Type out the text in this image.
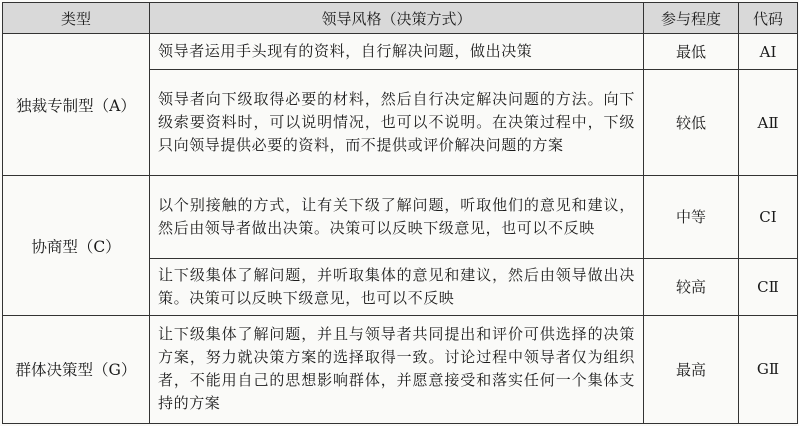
类型	领导风格（决策方式）	参与程度	代码
独裁专制型（A）	领导者运用手头现有的资料，自行解决问题，做出决策	最低	AⅠ
	领导者向下级取得必要的材料，然后自行决定解决问题的方法。向下级索要资料时，可以说明情况，也可以不说明。在决策过程中，下级只向领导提供必要的资料，而不提供或评价解决问题的方案	较低	AⅡ
协商型（C）	以个别接触的方式，让有关下级了解问题，听取他们的意见和建议，然后由领导者做出决策。决策可以反映下级意见，也可以不反映	中等	CⅠ
	让下级集体了解问题，并听取集体的意见和建议，然后由领导做出决策。决策可以反映下级意见，也可以不反映	较高	CⅡ
群体决策型（G）	让下级集体了解问题，并且与领导者共同提出和评价可供选择的决策方案，努力就决策方案的选择取得一致。讨论过程中领导者仅为组织者，不能用自己的思想影响群体，并愿意接受和落实任何一个集体支持的方案	最高	GⅡ
